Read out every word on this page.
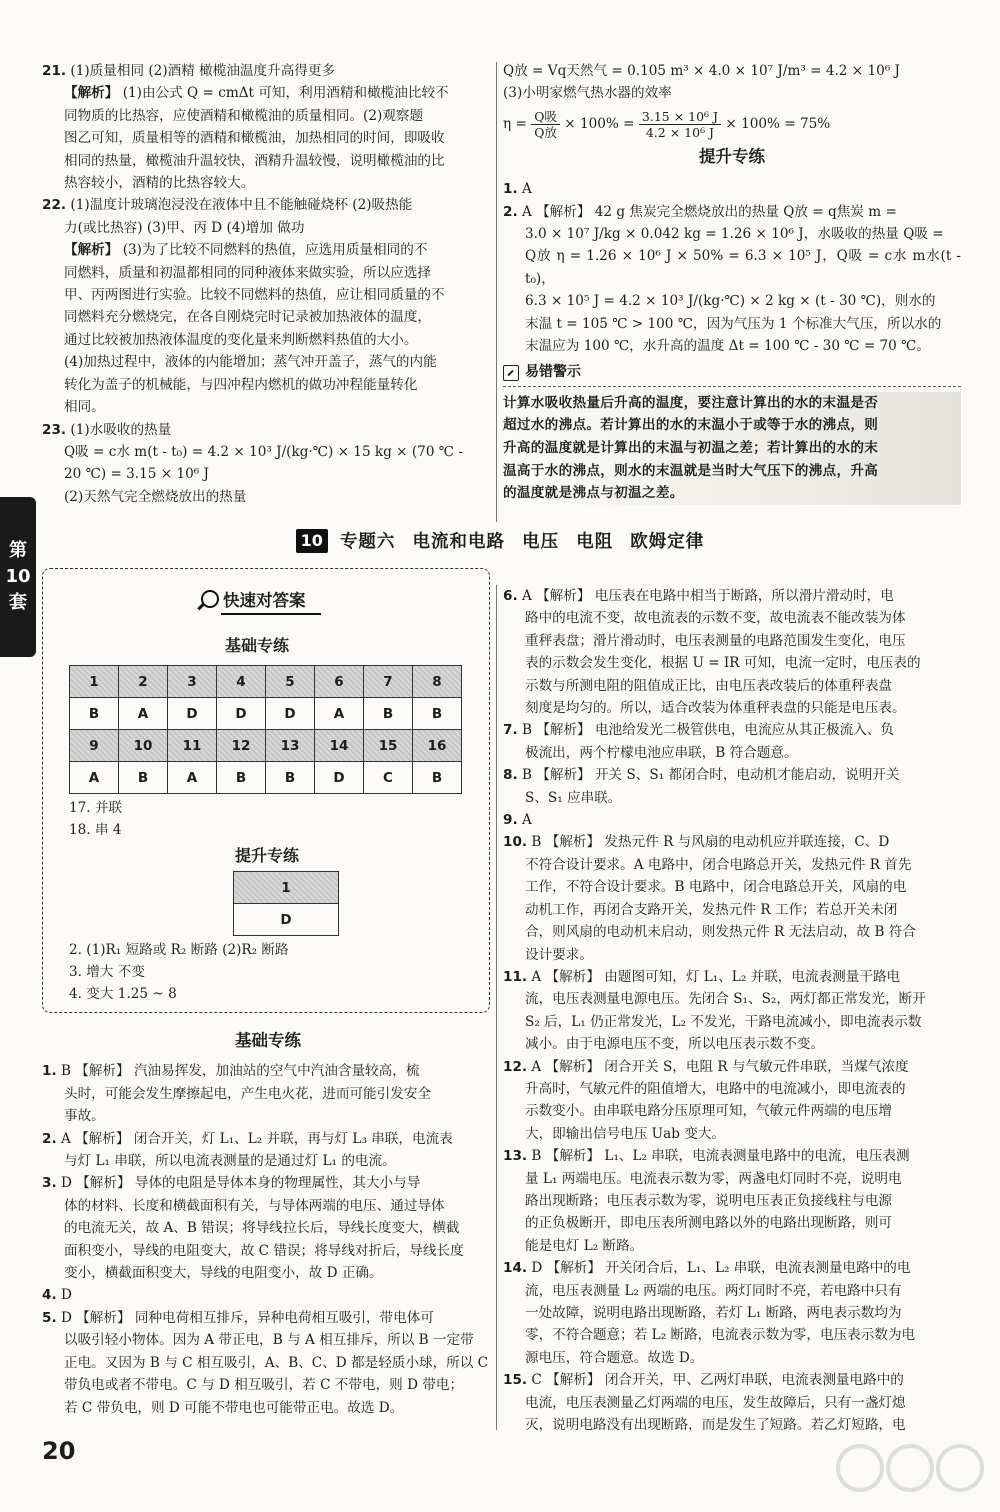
21. (1)质量相同 (2)酒精 橄榄油温度升高得更多

【解析】 (1)由公式 Q = cmΔt 可知，利用酒精和橄榄油比较不

同物质的比热容，应使酒精和橄榄油的质量相同。(2)观察题

图乙可知，质量相等的酒精和橄榄油，加热相同的时间，即吸收

相同的热量，橄榄油升温较快，酒精升温较慢，说明橄榄油的比

热容较小，酒精的比热容较大。

22. (1)温度计玻璃泡浸没在液体中且不能触碰烧杯 (2)吸热能

力(或比热容) (3)甲、丙 D (4)增加 做功

【解析】 (3)为了比较不同燃料的热值，应选用质量相同的不

同燃料，质量和初温都相同的同种液体来做实验，所以应选择

甲、丙两图进行实验。比较不同燃料的热值，应让相同质量的不

同燃料充分燃烧完，在各自刚烧完时记录被加热液体的温度，

通过比较被加热液体温度的变化量来判断燃料热值的大小。

(4)加热过程中，液体的内能增加；蒸气冲开盖子，蒸气的内能

转化为盖子的机械能，与四冲程内燃机的做功冲程能量转化

相同。

23. (1)水吸收的热量

Q吸 = c水 m(t - t₀) = 4.2 × 10³ J/(kg·℃) × 15 kg × (70 ℃ -

20 ℃) = 3.15 × 10⁶ J

(2)天然气完全燃烧放出的热量

Q放 = Vq天然气 = 0.105 m³ × 4.0 × 10⁷ J/m³ = 4.2 × 10⁶ J

(3)小明家燃气热水器的效率

$\eta = \frac{\text{Q吸}}{\text{Q放}} \times 100\% = \frac{\text{3.15 × 10⁶ J}}{\text{4.2 × 10⁶ J}} \times 100\% = 75\%$

提升专练

1. A

2. A 【解析】 42 g 焦炭完全燃烧放出的热量 Q放 = q焦炭 m =

3.0 × 10⁷ J/kg × 0.042 kg = 1.26 × 10⁶ J，水吸收的热量 Q吸 =

Q放 η = 1.26 × 10⁶ J × 50% = 6.3 × 10⁵ J，Q吸 = c水 m水(t - t₀)，

6.3 × 10⁵ J = 4.2 × 10³ J/(kg·℃) × 2 kg × (t - 30 ℃)，则水的

末温 t = 105 ℃ > 100 ℃，因为气压为 1 个标准大气压，所以水的

末温应为 100 ℃，水升高的温度 Δt = 100 ℃ - 30 ℃ = 70 ℃。

易错警示
计算水吸收热量后升高的温度，要注意计算出的水的末温是否
超过水的沸点。若计算出的水的末温小于或等于水的沸点，则
升高的温度就是计算出的末温与初温之差；若计算出的水的末
温高于水的沸点，则水的末温就是当时大气压下的沸点，升高
的温度就是沸点与初温之差。
第
10
套
10 专题六 电流和电路 电压 电阻 欧姆定律
快速对答案
基础专练
1	2	3	4	5	6	7	8
B	A	D	D	D	A	B	B
9	10	11	12	13	14	15	16
A	B	A	B	B	D	C	B
17. 并联
18. 串 4
提升专练
1
D
2. (1)R₁ 短路或 R₂ 断路 (2)R₂ 断路
3. 增大 不变
4. 变大 1.25 ~ 8
基础专练

1. B 【解析】 汽油易挥发，加油站的空气中汽油含量较高，梳

头时，可能会发生摩擦起电，产生电火花，进而可能引发安全

事故。

2. A 【解析】 闭合开关，灯 L₁、L₂ 并联，再与灯 L₃ 串联，电流表

与灯 L₁ 串联，所以电流表测量的是通过灯 L₁ 的电流。

3. D 【解析】 导体的电阻是导体本身的物理属性，其大小与导

体的材料、长度和横截面积有关，与导体两端的电压、通过导体

的电流无关，故 A、B 错误；将导线拉长后，导线长度变大，横截

面积变小，导线的电阻变大，故 C 错误；将导线对折后，导线长度

变小，横截面积变大，导线的电阻变小，故 D 正确。

4. D

5. D 【解析】 同种电荷相互排斥，异种电荷相互吸引，带电体可

以吸引轻小物体。因为 A 带正电，B 与 A 相互排斥，所以 B 一定带

正电。又因为 B 与 C 相互吸引，A、B、C、D 都是轻质小球，所以 C

带负电或者不带电。C 与 D 相互吸引，若 C 不带电，则 D 带电；

若 C 带负电，则 D 可能不带电也可能带正电。故选 D。

6. A 【解析】 电压表在电路中相当于断路，所以滑片滑动时，电

路中的电流不变，故电流表的示数不变，故电流表不能改装为体

重秤表盘；滑片滑动时，电压表测量的电路范围发生变化，电压

表的示数会发生变化，根据 U = IR 可知，电流一定时，电压表的

示数与所测电阻的阻值成正比，由电压表改装后的体重秤表盘

刻度是均匀的。所以，适合改装为体重秤表盘的只能是电压表。

7. B 【解析】 电池给发光二极管供电，电流应从其正极流入、负

极流出，两个柠檬电池应串联，B 符合题意。

8. B 【解析】 开关 S、S₁ 都闭合时，电动机才能启动，说明开关

S、S₁ 应串联。

9. A

10. B 【解析】 发热元件 R 与风扇的电动机应并联连接，C、D

不符合设计要求。A 电路中，闭合电路总开关，发热元件 R 首先

工作，不符合设计要求。B 电路中，闭合电路总开关，风扇的电

动机工作，再闭合支路开关，发热元件 R 工作；若总开关未闭

合，则风扇的电动机未启动，则发热元件 R 无法启动，故 B 符合

设计要求。

11. A 【解析】 由题图可知，灯 L₁、L₂ 并联，电流表测量干路电

流，电压表测量电源电压。先闭合 S₁、S₂，两灯都正常发光，断开

S₂ 后，L₁ 仍正常发光，L₂ 不发光，干路电流减小，即电流表示数

减小。由于电源电压不变，所以电压表示数不变。

12. A 【解析】 闭合开关 S，电阻 R 与气敏元件串联，当煤气浓度

升高时，气敏元件的阻值增大，电路中的电流减小，即电流表的

示数变小。由串联电路分压原理可知，气敏元件两端的电压增

大，即输出信号电压 Uab 变大。

13. B 【解析】 L₁、L₂ 串联，电流表测量电路中的电流，电压表测

量 L₁ 两端电压。电流表示数为零，两盏电灯同时不亮，说明电

路出现断路；电压表示数为零，说明电压表正负接线柱与电源

的正负极断开，即电压表所测电路以外的电路出现断路，则可

能是电灯 L₂ 断路。

14. D 【解析】 开关闭合后，L₁、L₂ 串联，电流表测量电路中的电

流，电压表测量 L₂ 两端的电压。两灯同时不亮，若电路中只有

一处故障，说明电路出现断路，若灯 L₁ 断路，两电表示数均为

零，不符合题意；若 L₂ 断路，电流表示数为零，电压表示数为电

源电压，符合题意。故选 D。

15. C 【解析】 闭合开关，甲、乙两灯串联，电流表测量电路中的

电流，电压表测量乙灯两端的电压，发生故障后，只有一盏灯熄

灭，说明电路没有出现断路，而是发生了短路。若乙灯短路，电

20
